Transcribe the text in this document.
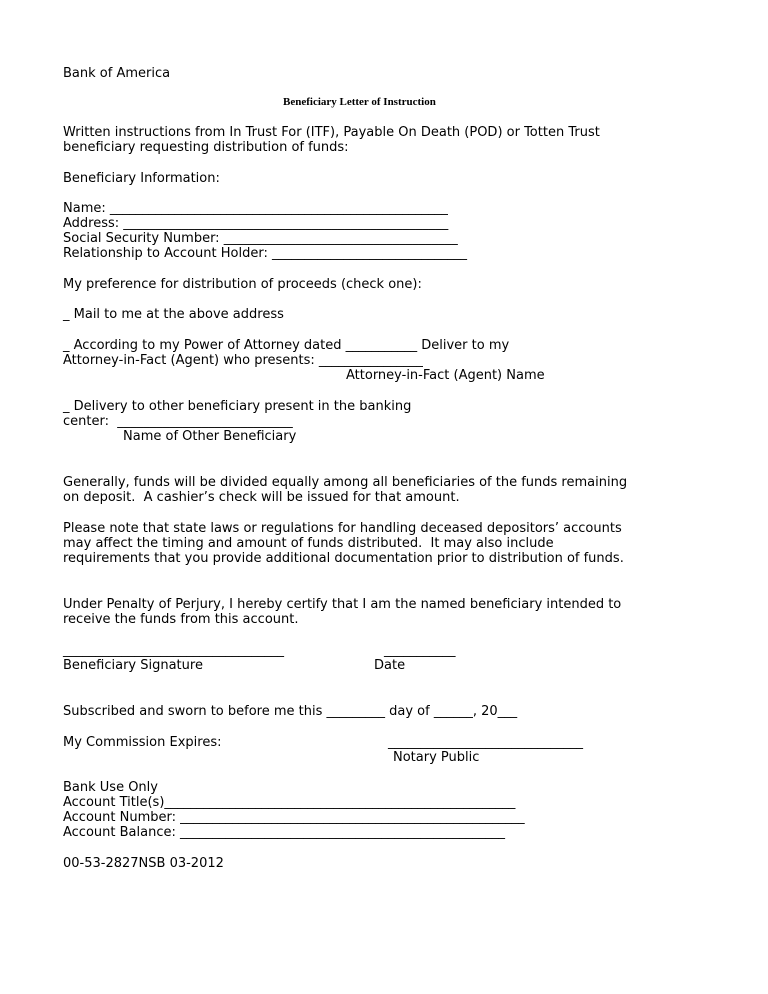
Bank of America
Beneficiary Letter of Instruction
Written instructions from In Trust For (ITF), Payable On Death (POD) or Totten Trust
beneficiary requesting distribution of funds:
Beneficiary Information:
Name: ____________________________________________________
Address: __________________________________________________
Social Security Number: ____________________________________
Relationship to Account Holder: ______________________________
My preference for distribution of proceeds (check one):
_ Mail to me at the above address
_ According to my Power of Attorney dated ___________ Deliver to my
Attorney-in-Fact (Agent) who presents: ________________
Attorney-in-Fact (Agent) Name
_ Delivery to other beneficiary present in the banking
center:  ___________________________
Name of Other Beneficiary
Generally, funds will be divided equally among all beneficiaries of the funds remaining
on deposit.  A cashier’s check will be issued for that amount.
Please note that state laws or regulations for handling deceased depositors’ accounts
may affect the timing and amount of funds distributed.  It may also include
requirements that you provide additional documentation prior to distribution of funds.
Under Penalty of Perjury, I hereby certify that I am the named beneficiary intended to
receive the funds from this account.
__________________________________	___________
Beneficiary Signature	Date
Subscribed and sworn to before me this _________ day of ______, 20___
My Commission Expires:	______________________________
Notary Public
Bank Use Only
Account Title(s)______________________________________________________
Account Number: _____________________________________________________
Account Balance: __________________________________________________
00-53-2827NSB 03-2012
